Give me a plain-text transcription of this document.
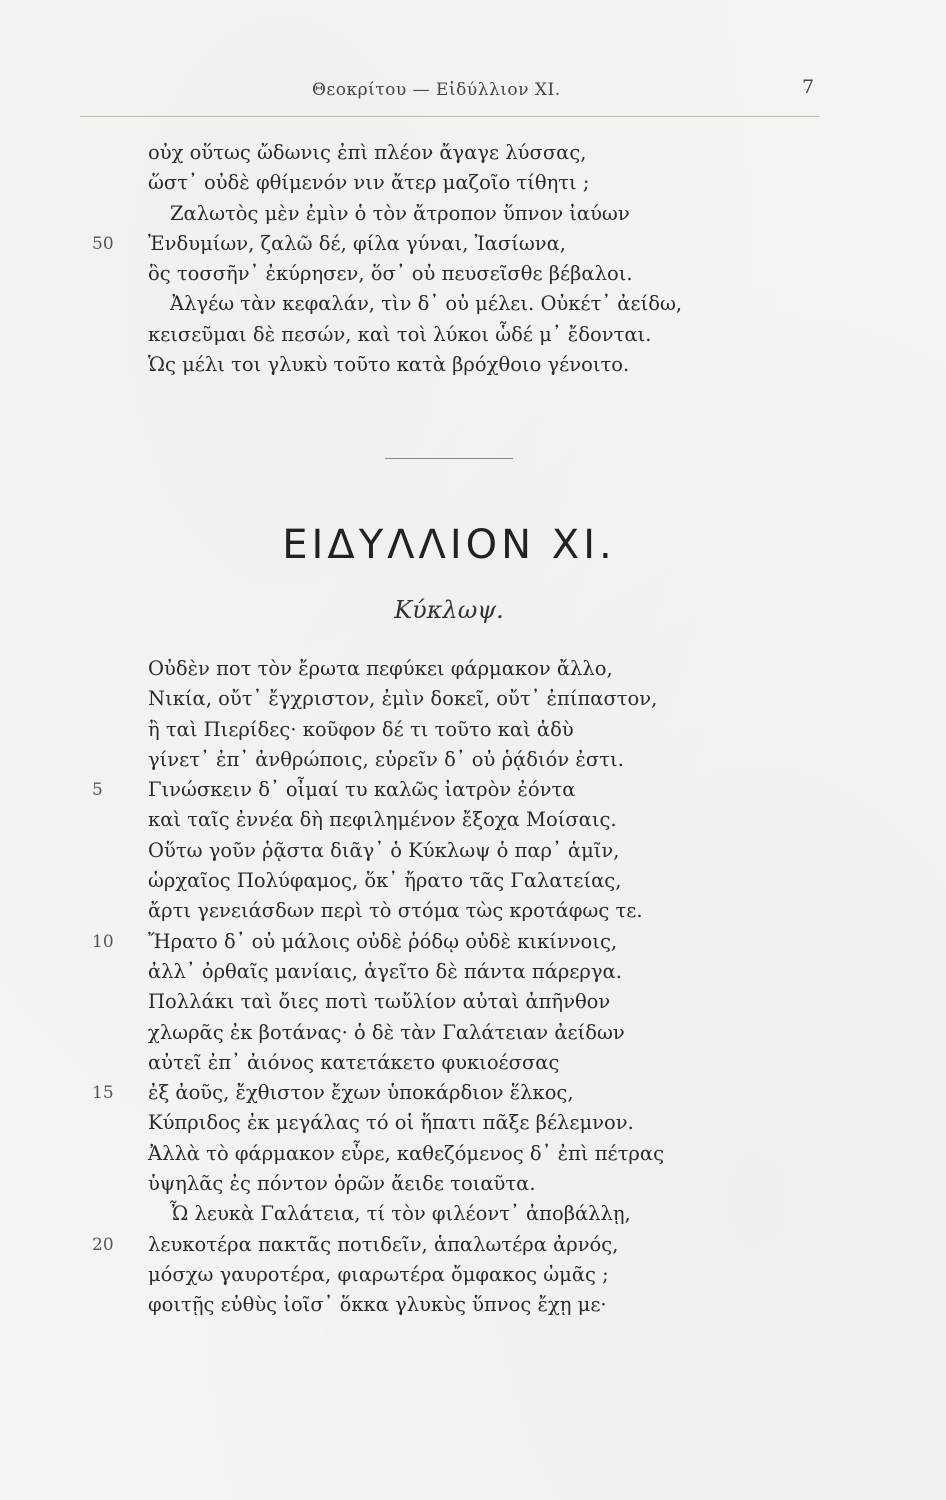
Θεοκρίτου — Εἰδύλλιον XI.	7
οὐχ οὕτως ὤδωνις ἐπὶ πλέον ἄγαγε λύσσας,
ὥστ᾽ οὐδὲ φθίμενόν νιν ἄτερ μαζοῖο τίθητι ;
Ζαλωτὸς μὲν ἐμὶν ὁ τὸν ἄτροπον ὕπνον ἰαύων
50	Ἐνδυμίων, ζαλῶ δέ, φίλα γύναι, Ἰασίωνα,
ὃς τοσσῆν᾽ ἐκύρησεν, ὅσ᾽ οὐ πευσεῖσθε βέβαλοι.
Ἀλγέω τὰν κεφαλάν, τὶν δ᾽ οὐ μέλει. Οὐκέτ᾽ ἀείδω,
κεισεῦμαι δὲ πεσών, καὶ τοὶ λύκοι ὧδέ μ᾽ ἔδονται.
Ὡς μέλι τοι γλυκὺ τοῦτο κατὰ βρόχθοιο γένοιτο.
ΕΙΔΥΛΛΙΟΝ XI.
Κύκλωψ.
Οὐδὲν ποτ τὸν ἔρωτα πεφύκει φάρμακον ἄλλο,
Νικία, οὔτ᾽ ἔγχριστον, ἐμὶν δοκεῖ, οὔτ᾽ ἐπίπαστον,
ἢ ταὶ Πιερίδες· κοῦφον δέ τι τοῦτο καὶ ἁδὺ
γίνετ᾽ ἐπ᾽ ἀνθρώποις, εὑρεῖν δ᾽ οὐ ῥᾴδιόν ἐστι.
5	Γινώσκειν δ᾽ οἶμαί τυ καλῶς ἰατρὸν ἐόντα
καὶ ταῖς ἐννέα δὴ πεφιλημένον ἔξοχα Μοίσαις.
Οὕτω γοῦν ῥᾷστα διᾶγ᾽ ὁ Κύκλωψ ὁ παρ᾽ ἁμῖν,
ὡρχαῖος Πολύφαμος, ὅκ᾽ ἤρατο τᾶς Γαλατείας,
ἄρτι γενειάσδων περὶ τὸ στόμα τὼς κροτάφως τε.
10	Ἤρατο δ᾽ οὐ μάλοις οὐδὲ ῥόδῳ οὐδὲ κικίννοις,
ἀλλ᾽ ὀρθαῖς μανίαις, ἁγεῖτο δὲ πάντα πάρεργα.
Πολλάκι ταὶ ὄιες ποτὶ τωὔλίον αὐταὶ ἀπῆνθον
χλωρᾶς ἐκ βοτάνας· ὁ δὲ τὰν Γαλάτειαν ἀείδων
αὐτεῖ ἐπ᾽ ἀιόνος κατετάκετο φυκιοέσσας
15	ἐξ ἀοῦς, ἔχθιστον ἔχων ὑποκάρδιον ἕλκος,
Κύπριδος ἐκ μεγάλας τό οἱ ἥπατι πᾶξε βέλεμνον.
Ἀλλὰ τὸ φάρμακον εὗρε, καθεζόμενος δ᾽ ἐπὶ πέτρας
ὑψηλᾶς ἐς πόντον ὁρῶν ἄειδε τοιαῦτα.
Ὦ λευκὰ Γαλάτεια, τί τὸν φιλέοντ᾽ ἀποβάλλῃ,
20	λευκοτέρα πακτᾶς ποτιδεῖν, ἁπαλωτέρα ἀρνός,
μόσχω γαυροτέρα, φιαρωτέρα ὄμφακος ὠμᾶς ;
φοιτῇς εὐθὺς ἰοῖσ᾽ ὅκκα γλυκὺς ὕπνος ἔχῃ με·
